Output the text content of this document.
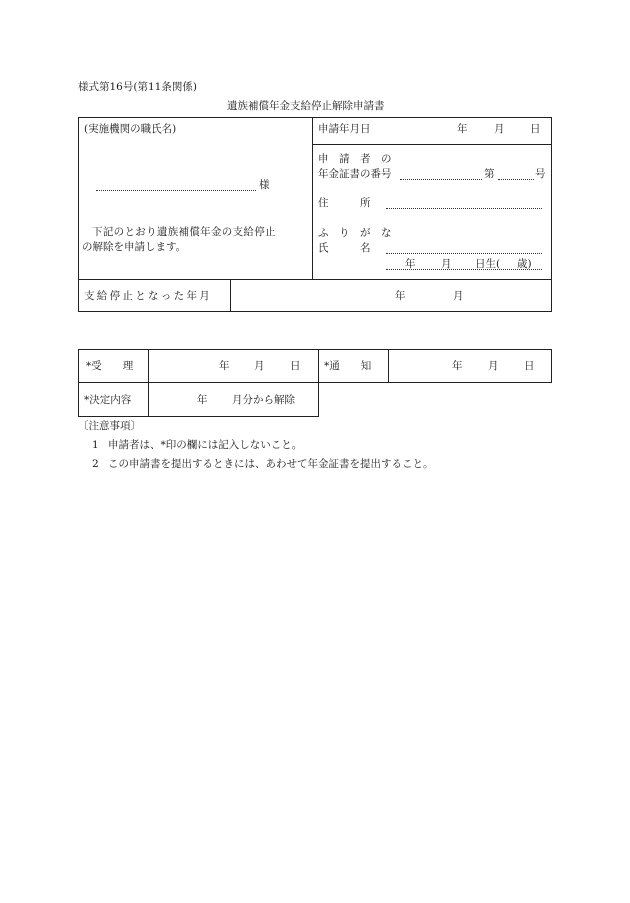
様式第16号(第11条関係)
遺族補償年金支給停止解除申請書
(実施機関の職氏名)
様
下記のとおり遺族補償年金の支給停止
の解除を申請します。
申請年月日	年	月 日
申　請　者　の
年金証書の番号	第	号
住　　　所
ふ　り　が　な
氏　　　名
年 月 日生( 歳)
支給停止となった年月	年	月
*受　　理	年 月 日 *通　　知	年 月 日
*決定内容	年 月分から解除
〔注意事項〕
1 申請者は、*印の欄には記入しないこと。
2 この申請書を提出するときには、あわせて年金証書を提出すること。
